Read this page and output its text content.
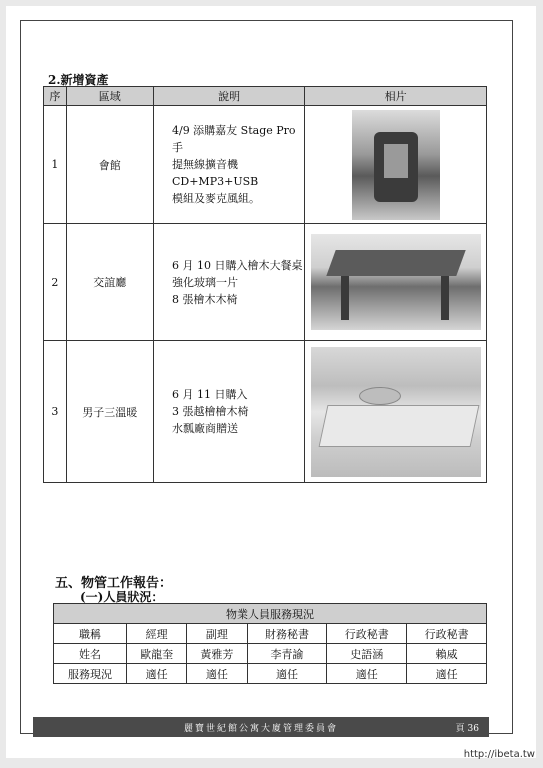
2.新增資產
序	區域	說明	相片
1	會館	4/9 添購嘉友 Stage Pro 手
提無線擴音機 CD+MP3+USB
模組及麥克風組。	

2	交誼廳	6 月 10 日購入檜木大餐桌
強化玻璃一片
8 張檜木木椅	

3	男子三溫暖	6 月 11 日購入
3 張越檜檜木椅
水瓢廠商贈送	

五、物管工作報告：
(一)人員狀況：
物業人員服務現況					
職稱	經理	副理	財務秘書	行政秘書	行政秘書
姓名	歐龍奎	黃雅芳	李青諭	史語涵	賴威
服務現況	適任	適任	適任	適任	適任
麗寶世紀館公寓大廈管理委員會	頁 36
http://ibeta.tw
